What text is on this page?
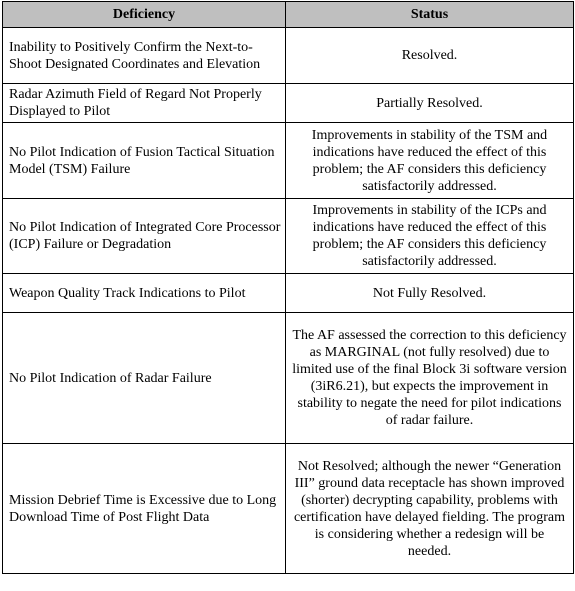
Deficiency	Status
Inability to Positively Confirm the Next-to-Shoot Designated Coordinates and Elevation	Resolved.
Radar Azimuth Field of Regard Not Properly Displayed to Pilot	Partially Resolved.
No Pilot Indication of Fusion Tactical Situation Model (TSM) Failure	Improvements in stability of the TSM and indications have reduced the effect of this problem; the AF considers this deficiency satisfactorily addressed.
No Pilot Indication of Integrated Core Processor (ICP) Failure or Degradation	Improvements in stability of the ICPs and indications have reduced the effect of this problem; the AF considers this deficiency satisfactorily addressed.
Weapon Quality Track Indications to Pilot	Not Fully Resolved.
No Pilot Indication of Radar Failure	The AF assessed the correction to this deficiency as MARGINAL (not fully resolved) due to limited use of the final Block 3i software version (3iR6.21), but expects the improvement in stability to negate the need for pilot indications of radar failure.
Mission Debrief Time is Excessive due to Long Download Time of Post Flight Data	Not Resolved; although the newer “Generation III” ground data receptacle has shown improved (shorter) decrypting capability, problems with certification have delayed fielding. The program is considering whether a redesign will be needed.
